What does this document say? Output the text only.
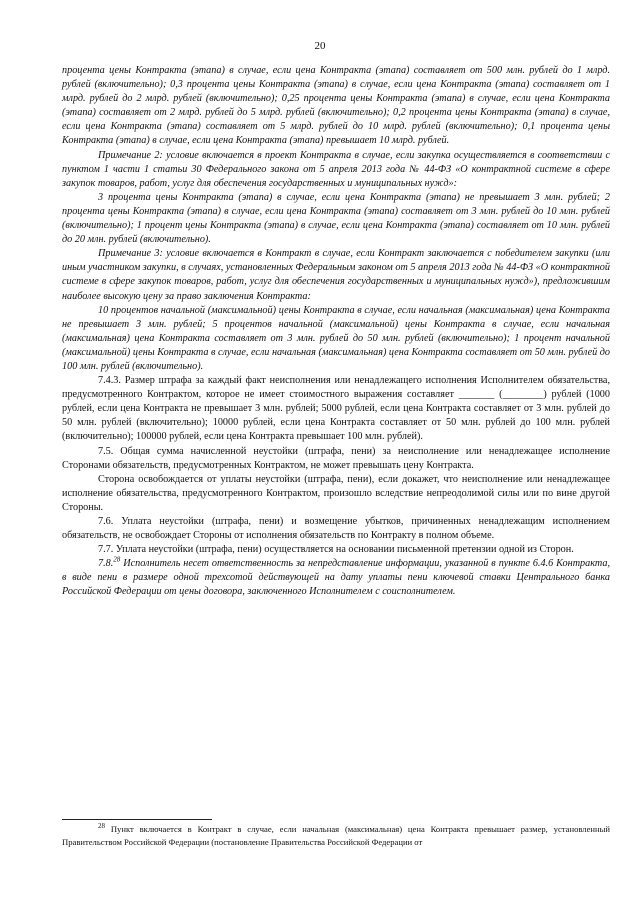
20

процента цены Контракта (этапа) в случае, если цена Контракта (этапа) составляет от 500 млн. рублей до 1 млрд. рублей (включительно); 0,3 процента цены Контракта (этапа) в случае, если цена Контракта (этапа) составляет от 1 млрд. рублей до 2 млрд. рублей (включительно); 0,25 процента цены Контракта (этапа) в случае, если цена Контракта (этапа) составляет от 2 млрд. рублей до 5 млрд. рублей (включительно); 0,2 процента цены Контракта (этапа) в случае, если цена Контракта (этапа) составляет от 5 млрд. рублей до 10 млрд. рублей (включительно); 0,1 процента цены Контракта (этапа) в случае, если цена Контракта (этапа) превышает 10 млрд. рублей.

Примечание 2: условие включается в проект Контракта в случае, если закупка осуществляется в соответствии с пунктом 1 части 1 статьи 30 Федерального закона от 5 апреля 2013 года № 44-ФЗ «О контрактной системе в сфере закупок товаров, работ, услуг для обеспечения государственных и муниципальных нужд»:

3 процента цены Контракта (этапа) в случае, если цена Контракта (этапа) не превышает 3 млн. рублей; 2 процента цены Контракта (этапа) в случае, если цена Контракта (этапа) составляет от 3 млн. рублей до 10 млн. рублей (включительно); 1 процент цены Контракта (этапа) в случае, если цена Контракта (этапа) составляет от 10 млн. рублей до 20 млн. рублей (включительно).

Примечание 3: условие включается в Контракт в случае, если Контракт заключается с победителем закупки (или иным участником закупки, в случаях, установленных Федеральным законом от 5 апреля 2013 года № 44-ФЗ «О контрактной системе в сфере закупок товаров, работ, услуг для обеспечения государственных и муниципальных нужд»), предложившим наиболее высокую цену за право заключения Контракта:

10 процентов начальной (максимальной) цены Контракта в случае, если начальная (максимальная) цена Контракта не превышает 3 млн. рублей; 5 процентов начальной (максимальной) цены Контракта в случае, если начальная (максимальная) цена Контракта составляет от 3 млн. рублей до 50 млн. рублей (включительно); 1 процент начальной (максимальной) цены Контракта в случае, если начальная (максимальная) цена Контракта составляет от 50 млн. рублей до 100 млн. рублей (включительно).

7.4.3. Размер штрафа за каждый факт неисполнения или ненадлежащего исполнения Исполнителем обязательства, предусмотренного Контрактом, которое не имеет стоимостного выражения составляет _______ (________) рублей (1000 рублей, если цена Контракта не превышает 3 млн. рублей; 5000 рублей, если цена Контракта составляет от 3 млн. рублей до 50 млн. рублей (включительно); 10000 рублей, если цена Контракта составляет от 50 млн. рублей до 100 млн. рублей (включительно); 100000 рублей, если цена Контракта превышает 100 млн. рублей).

7.5. Общая сумма начисленной неустойки (штрафа, пени) за неисполнение или ненадлежащее исполнение Сторонами обязательств, предусмотренных Контрактом, не может превышать цену Контракта.

Сторона освобождается от уплаты неустойки (штрафа, пени), если докажет, что неисполнение или ненадлежащее исполнение обязательства, предусмотренного Контрактом, произошло вследствие непреодолимой силы или по вине другой Стороны.

7.6. Уплата неустойки (штрафа, пени) и возмещение убытков, причиненных ненадлежащим исполнением обязательств, не освобождает Стороны от исполнения обязательств по Контракту в полном объеме.

7.7. Уплата неустойки (штрафа, пени) осуществляется на основании письменной претензии одной из Сторон.

7.8.28 Исполнитель несет ответственность за непредставление информации, указанной в пункте 6.4.6 Контракта, в виде пени в размере одной трехсотой действующей на дату уплаты пени ключевой ставки Центрального банка Российской Федерации от цены договора, заключенного Исполнителем с соисполнителем.

$^{28}$ Пункт включается в Контракт в случае, если начальная (максимальная) цена Контракта превышает размер, установленный Правительством Российской Федерации (постановление Правительства Российской Федерации от
